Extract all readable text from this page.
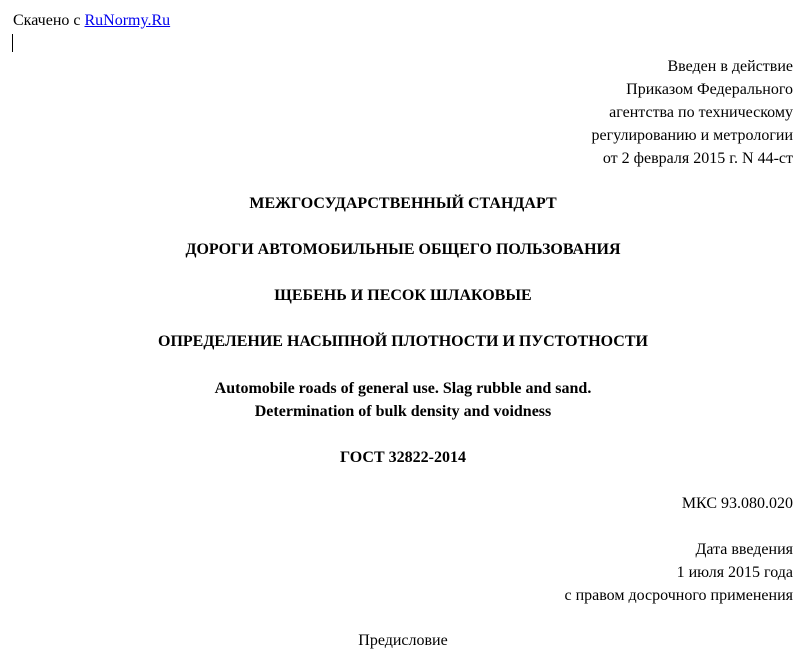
Скачено с RuNormy.Ru
Введен в действие
Приказом Федерального
агентства по техническому
регулированию и метрологии
от 2 февраля 2015 г. N 44-ст
МЕЖГОСУДАРСТВЕННЫЙ СТАНДАРТ
ДОРОГИ АВТОМОБИЛЬНЫЕ ОБЩЕГО ПОЛЬЗОВАНИЯ
ЩЕБЕНЬ И ПЕСОК ШЛАКОВЫЕ
ОПРЕДЕЛЕНИЕ НАСЫПНОЙ ПЛОТНОСТИ И ПУСТОТНОСТИ
Automobile roads of general use. Slag rubble and sand.
Determination of bulk density and voidness
ГОСТ 32822-2014
МКС 93.080.020
Дата введения
1 июля 2015 года
с правом досрочного применения
Предисловие
